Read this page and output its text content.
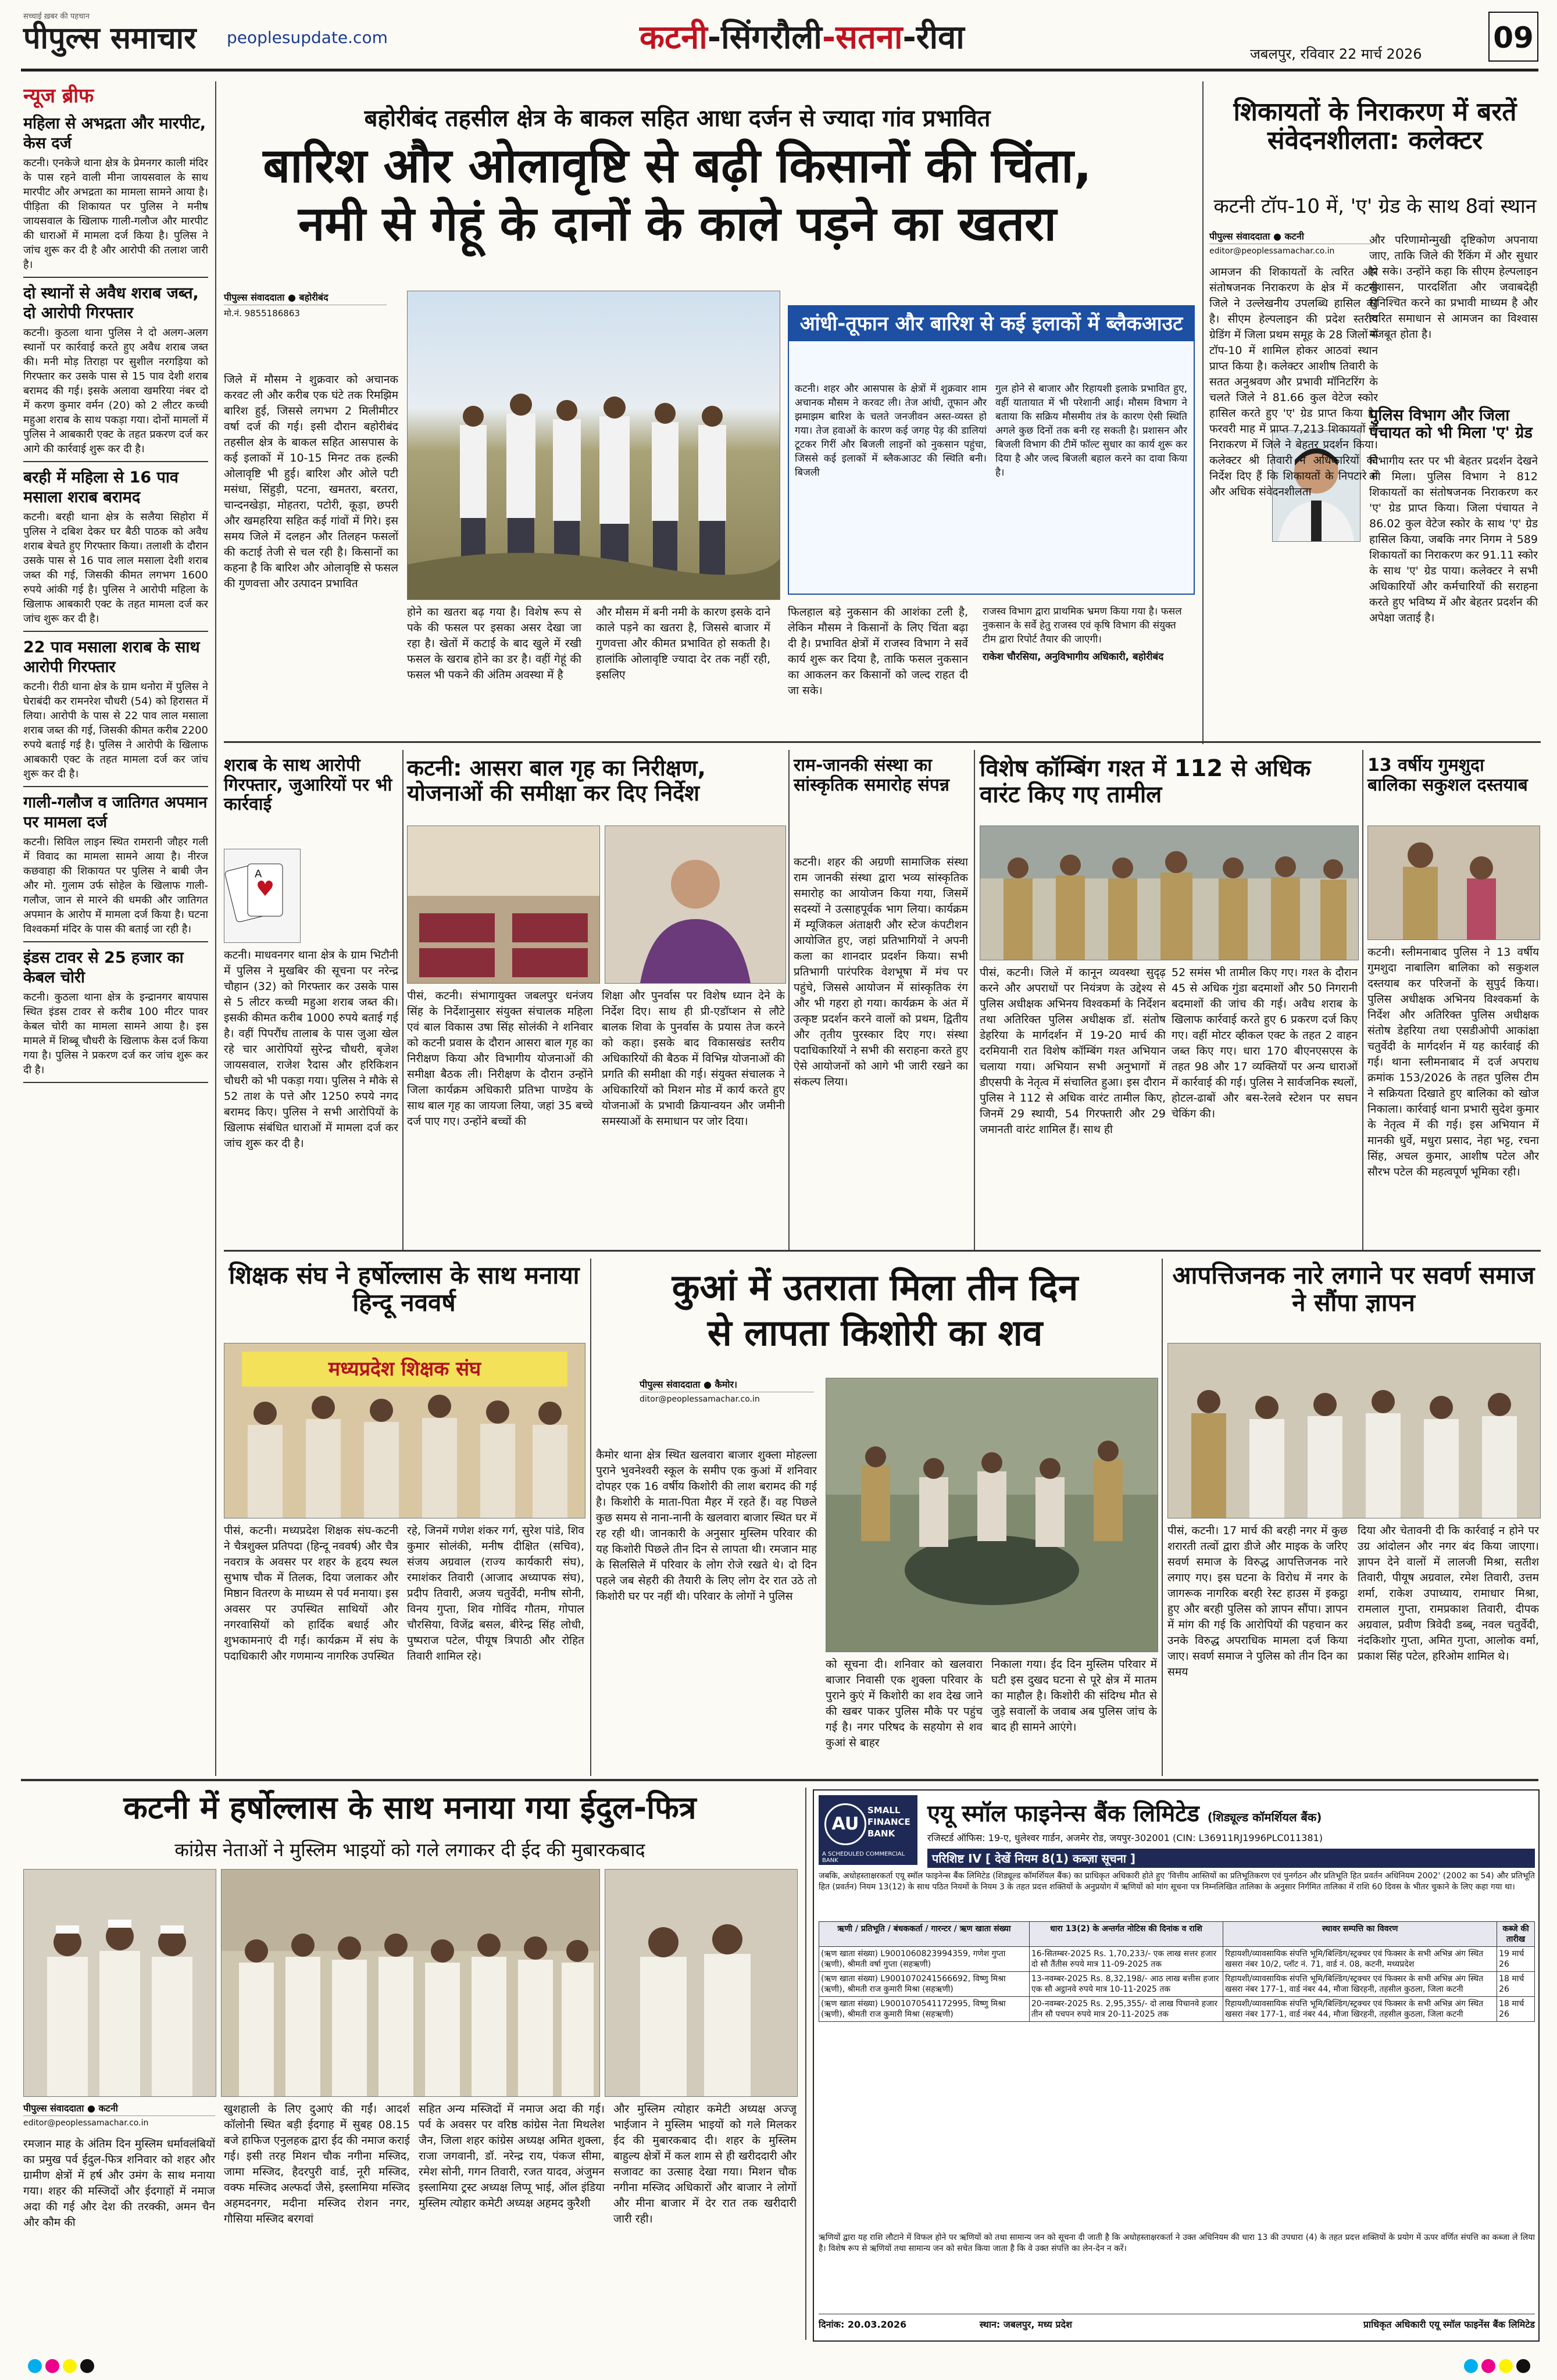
पीपुल्स समाचार
सच्चाई ख़बर की पहचान
peoplesupdate.com	कटनी-सिंगरौली-सतना-रीवा	जबलपुर, रविवार 22 मार्च 2026 09
न्यूज ब्रीफ
महिला से अभद्रता और मारपीट, केस दर्ज
कटनी। एनकेजे थाना क्षेत्र के प्रेमनगर काली मंदिर के पास रहने वाली मीना जायसवाल के साथ मारपीट और अभद्रता का मामला सामने आया है। पीड़िता की शिकायत पर पुलिस ने मनीष जायसवाल के खिलाफ गाली-गलौज और मारपीट की धाराओं में मामला दर्ज किया है। पुलिस ने जांच शुरू कर दी है और आरोपी की तलाश जारी है।
दो स्थानों से अवैध शराब जब्त, दो आरोपी गिरफ्तार
कटनी। कुठला थाना पुलिस ने दो अलग-अलग स्थानों पर कार्रवाई करते हुए अवैध शराब जब्त की। मनी मोड़ तिराहा पर सुशील नरगड़िया को गिरफ्तार कर उसके पास से 15 पाव देशी शराब बरामद की गई। इसके अलावा खमरिया नंबर दो में करण कुमार वर्मन (20) को 2 लीटर कच्ची महुआ शराब के साथ पकड़ा गया। दोनों मामलों में पुलिस ने आबकारी एक्ट के तहत प्रकरण दर्ज कर आगे की कार्रवाई शुरू कर दी है।
बरही में महिला से 16 पाव मसाला शराब बरामद
कटनी। बरही थाना क्षेत्र के सलैया सिहोरा में पुलिस ने दबिश देकर घर बैठी पाठक को अवैध शराब बेचते हुए गिरफ्तार किया। तलाशी के दौरान उसके पास से 16 पाव लाल मसाला देशी शराब जब्त की गई, जिसकी कीमत लगभग 1600 रुपये आंकी गई है। पुलिस ने आरोपी महिला के खिलाफ आबकारी एक्ट के तहत मामला दर्ज कर जांच शुरू कर दी है।
22 पाव मसाला शराब के साथ आरोपी गिरफ्तार
कटनी। रीठी थाना क्षेत्र के ग्राम थनोरा में पुलिस ने घेराबंदी कर रामनरेश चौधरी (54) को हिरासत में लिया। आरोपी के पास से 22 पाव लाल मसाला शराब जब्त की गई, जिसकी कीमत करीब 2200 रुपये बताई गई है। पुलिस ने आरोपी के खिलाफ आबकारी एक्ट के तहत मामला दर्ज कर जांच शुरू कर दी है।
गाली-गलौज व जातिगत अपमान पर मामला दर्ज
कटनी। सिविल लाइन स्थित रामरानी जौहर गली में विवाद का मामला सामने आया है। नीरज कछवाहा की शिकायत पर पुलिस ने बाबी जैन और मो. गुलाम उर्फ सोहेल के खिलाफ गाली-गलौज, जान से मारने की धमकी और जातिगत अपमान के आरोप में मामला दर्ज किया है। घटना विश्वकर्मा मंदिर के पास की बताई जा रही है।
इंडस टावर से 25 हजार का केबल चोरी
कटनी। कुठला थाना क्षेत्र के इन्द्रानगर बायपास स्थित इंडस टावर से करीब 100 मीटर पावर केबल चोरी का मामला सामने आया है। इस मामले में शिब्बू चौधरी के खिलाफ केस दर्ज किया गया है। पुलिस ने प्रकरण दर्ज कर जांच शुरू कर दी है।
बहोरीबंद तहसील क्षेत्र के बाकल सहित आधा दर्जन से ज्यादा गांव प्रभावित
बारिश और ओलावृष्टि से बढ़ी किसानों की चिंता,
नमी से गेहूं के दानों के काले पड़ने का खतरा
पीपुल्स संवाददाता ● बहोरीबंद
मो.नं. 9855186863
जिले में मौसम ने शुक्रवार को अचानक करवट ली और करीब एक घंटे तक रिमझिम बारिश हुई, जिससे लगभग 2 मिलीमीटर वर्षा दर्ज की गई। इसी दौरान बहोरीबंद तहसील क्षेत्र के बाकल सहित आसपास के कई इलाकों में 10-15 मिनट तक हल्की ओलावृष्टि भी हुई। बारिश और ओले पटी मसंधा, सिंहुड़ी, पटना, खमतरा, बरतरा, चान्दनखेड़ा, मोहतरा, पटोरी, कूड़ा, छपरी और खमहरिया सहित कई गांवों में गिरे। इस समय जिले में दलहन और तिलहन फसलों की कटाई तेजी से चल रही है। किसानों का कहना है कि बारिश और ओलावृष्टि से फसल की गुणवत्ता और उत्पादन प्रभावित
होने का खतरा बढ़ गया है। विशेष रूप से पके की फसल पर इसका असर देखा जा रहा है। खेतों में कटाई के बाद खुले में रखी फसल के खराब होने का डर है। वहीं गेहूं की फसल भी पकने की अंतिम अवस्था में है
और मौसम में बनी नमी के कारण इसके दाने काले पड़ने का खतरा है, जिससे बाजार में गुणवत्ता और कीमत प्रभावित हो सकती है। हालांकि ओलावृष्टि ज्यादा देर तक नहीं रही, इसलिए
आंधी-तूफान और बारिश से कई इलाकों में ब्लैकआउट
कटनी। शहर और आसपास के क्षेत्रों में शुक्रवार शाम अचानक मौसम ने करवट ली। तेज आंधी, तूफान और झमाझम बारिश के चलते जनजीवन अस्त-व्यस्त हो गया। तेज हवाओं के कारण कई जगह पेड़ की डालियां टूटकर गिरीं और बिजली लाइनों को नुकसान पहुंचा, जिससे कई इलाकों में ब्लैकआउट की स्थिति बनी। बिजली
गुल होने से बाजार और रिहायशी इलाके प्रभावित हुए, वहीं यातायात में भी परेशानी आई। मौसम विभाग ने बताया कि सक्रिय मौसमीय तंत्र के कारण ऐसी स्थिति अगले कुछ दिनों तक बनी रह सकती है। प्रशासन और बिजली विभाग की टीमें फॉल्ट सुधार का कार्य शुरू कर दिया है और जल्द बिजली बहाल करने का दावा किया है।
फिलहाल बड़े नुकसान की आशंका टली है, लेकिन मौसम ने किसानों के लिए चिंता बढ़ा दी है। प्रभावित क्षेत्रों में राजस्व विभाग ने सर्वे कार्य शुरू कर दिया है, ताकि फसल नुकसान का आकलन कर किसानों को जल्द राहत दी जा सके।
राजस्व विभाग द्वारा प्राथमिक भ्रमण किया गया है। फसल नुकसान के सर्वे हेतु राजस्व एवं कृषि विभाग की संयुक्त टीम द्वारा रिपोर्ट तैयार की जाएगी।
राकेश चौरसिया, अनुविभागीय अधिकारी, बहोरीबंद
शिकायतों के निराकरण में बरतें संवेदनशीलता: कलेक्टर
कटनी टॉप-10 में, 'ए' ग्रेड के साथ 8वां स्थान
पीपुल्स संवाददाता ● कटनी
editor@peoplessamachar.co.in
आमजन की शिकायतों के त्वरित और संतोषजनक निराकरण के क्षेत्र में कटनी जिले ने उल्लेखनीय उपलब्धि हासिल की है। सीएम हेल्पलाइन की प्रदेश स्तरीय ग्रेडिंग में जिला प्रथम समूह के 28 जिलों में टॉप-10 में शामिल होकर आठवां स्थान प्राप्त किया है। कलेक्टर आशीष तिवारी के सतत अनुश्रवण और प्रभावी मॉनिटरिंग के चलते जिले ने 81.66 कुल वेटेज स्कोर हासिल करते हुए 'ए' ग्रेड प्राप्त किया है। फरवरी माह में प्राप्त 7,213 शिकायतों के निराकरण में जिले ने बेहतर प्रदर्शन किया। कलेक्टर श्री तिवारी ने अधिकारियों को निर्देश दिए हैं कि शिकायतों के निपटारे में और अधिक संवेदनशीलता
और परिणामोन्मुखी दृष्टिकोण अपनाया जाए, ताकि जिले की रैंकिंग में और सुधार हो सके। उन्होंने कहा कि सीएम हेल्पलाइन सुशासन, पारदर्शिता और जवाबदेही सुनिश्चित करने का प्रभावी माध्यम है और त्वरित समाधान से आमजन का विश्वास मजबूत होता है।
पुलिस विभाग और जिला पंचायत को भी मिला 'ए' ग्रेड
विभागीय स्तर पर भी बेहतर प्रदर्शन देखने को मिला। पुलिस विभाग ने 812 शिकायतों का संतोषजनक निराकरण कर 'ए' ग्रेड प्राप्त किया। जिला पंचायत ने 86.02 कुल वेटेज स्कोर के साथ 'ए' ग्रेड हासिल किया, जबकि नगर निगम ने 589 शिकायतों का निराकरण कर 91.11 स्कोर के साथ 'ए' ग्रेड पाया। कलेक्टर ने सभी अधिकारियों और कर्मचारियों की सराहना करते हुए भविष्य में और बेहतर प्रदर्शन की अपेक्षा जताई है।
शराब के साथ आरोपी गिरफ्तार, जुआरियों पर भी कार्रवाई
♥
A
कटनी। माधवनगर थाना क्षेत्र के ग्राम भिटौनी में पुलिस ने मुखबिर की सूचना पर नरेन्द्र चौहान (32) को गिरफ्तार कर उसके पास से 5 लीटर कच्ची महुआ शराब जब्त की। इसकी कीमत करीब 1000 रुपये बताई गई है। वहीं पिपरौंध तालाब के पास जुआ खेल रहे चार आरोपियों सुरेन्द्र चौधरी, बृजेश जायसवाल, राजेश रैदास और हरिकिशन चौधरी को भी पकड़ा गया। पुलिस ने मौके से 52 ताश के पत्ते और 1250 रुपये नगद बरामद किए। पुलिस ने सभी आरोपियों के खिलाफ संबंधित धाराओं में मामला दर्ज कर जांच शुरू कर दी है।
कटनी: आसरा बाल गृह का निरीक्षण, योजनाओं की समीक्षा कर दिए निर्देश
पीसं, कटनी। संभागायुक्त जबलपुर धनंजय सिंह के निर्देशानुसार संयुक्त संचालक महिला एवं बाल विकास उषा सिंह सोलंकी ने शनिवार को कटनी प्रवास के दौरान आसरा बाल गृह का निरीक्षण किया और विभागीय योजनाओं की समीक्षा बैठक ली। निरीक्षण के दौरान उन्होंने जिला कार्यक्रम अधिकारी प्रतिभा पाण्डेय के साथ बाल गृह का जायजा लिया, जहां 35 बच्चे दर्ज पाए गए। उन्होंने बच्चों की
शिक्षा और पुनर्वास पर विशेष ध्यान देने के निर्देश दिए। साथ ही प्री-एडॉप्शन से लौटे बालक शिवा के पुनर्वास के प्रयास तेज करने को कहा। इसके बाद विकासखंड स्तरीय अधिकारियों की बैठक में विभिन्न योजनाओं की प्रगति की समीक्षा की गई। संयुक्त संचालक ने अधिकारियों को मिशन मोड में कार्य करते हुए योजनाओं के प्रभावी क्रियान्वयन और जमीनी समस्याओं के समाधान पर जोर दिया।
राम-जानकी संस्था का सांस्कृतिक समारोह संपन्न
कटनी। शहर की अग्रणी सामाजिक संस्था राम जानकी संस्था द्वारा भव्य सांस्कृतिक समारोह का आयोजन किया गया, जिसमें सदस्यों ने उत्साहपूर्वक भाग लिया। कार्यक्रम में म्यूजिकल अंताक्षरी और स्टेज कंपटीशन आयोजित हुए, जहां प्रतिभागियों ने अपनी कला का शानदार प्रदर्शन किया। सभी प्रतिभागी पारंपरिक वेशभूषा में मंच पर पहुंचे, जिससे आयोजन में सांस्कृतिक रंग और भी गहरा हो गया। कार्यक्रम के अंत में उत्कृष्ट प्रदर्शन करने वालों को प्रथम, द्वितीय और तृतीय पुरस्कार दिए गए। संस्था पदाधिकारियों ने सभी की सराहना करते हुए ऐसे आयोजनों को आगे भी जारी रखने का संकल्प लिया।
विशेष कॉम्बिंग गश्त में 112 से अधिक वारंट किए गए तामील
पीसं, कटनी। जिले में कानून व्यवस्था सुदृढ़ करने और अपराधों पर नियंत्रण के उद्देश्य से पुलिस अधीक्षक अभिनय विश्वकर्मा के निर्देशन तथा अतिरिक्त पुलिस अधीक्षक डॉ. संतोष डेहरिया के मार्गदर्शन में 19-20 मार्च की दरमियानी रात विशेष कॉम्बिंग गश्त अभियान चलाया गया। अभियान सभी अनुभागों में डीएसपी के नेतृत्व में संचालित हुआ। इस दौरान पुलिस ने 112 से अधिक वारंट तामील किए, जिनमें 29 स्थायी, 54 गिरफ्तारी और 29 जमानती वारंट शामिल हैं। साथ ही
52 समंस भी तामील किए गए। गश्त के दौरान 45 से अधिक गुंडा बदमाशों और 50 निगरानी बदमाशों की जांच की गई। अवैध शराब के खिलाफ कार्रवाई करते हुए 6 प्रकरण दर्ज किए गए। वहीं मोटर व्हीकल एक्ट के तहत 2 वाहन जब्त किए गए। धारा 170 बीएनएसएस के तहत 98 और 17 व्यक्तियों पर अन्य धाराओं में कार्रवाई की गई। पुलिस ने सार्वजनिक स्थलों, होटल-ढाबों और बस-रेलवे स्टेशन पर सघन चेकिंग की।
13 वर्षीय गुमशुदा बालिका सकुशल दस्तयाब
कटनी। स्लीमनाबाद पुलिस ने 13 वर्षीय गुमशुदा नाबालिग बालिका को सकुशल दस्तयाब कर परिजनों के सुपुर्द किया। पुलिस अधीक्षक अभिनय विश्वकर्मा के निर्देश और अतिरिक्त पुलिस अधीक्षक संतोष डेहरिया तथा एसडीओपी आकांक्षा चतुर्वेदी के मार्गदर्शन में यह कार्रवाई की गई। थाना स्लीमनाबाद में दर्ज अपराध क्रमांक 153/2026 के तहत पुलिस टीम ने सक्रियता दिखाते हुए बालिका को खोज निकाला। कार्रवाई थाना प्रभारी सुदेश कुमार के नेतृत्व में की गई। इस अभियान में मानकी धुर्वे, मधुरा प्रसाद, नेहा भट्ट, रचना सिंह, अचल कुमार, आशीष पटेल और सौरभ पटेल की महत्वपूर्ण भूमिका रही।
शिक्षक संघ ने हर्षोल्लास के साथ मनाया हिन्दू नववर्ष
मध्यप्रदेश शिक्षक संघ
पीसं, कटनी। मध्यप्रदेश शिक्षक संघ-कटनी ने चैत्रशुक्ल प्रतिपदा (हिन्दू नववर्ष) और चैत्र नवरात्र के अवसर पर शहर के हृदय स्थल सुभाष चौक में तिलक, दिया जलाकर और मिष्ठान वितरण के माध्यम से पर्व मनाया। इस अवसर पर उपस्थित साथियों और नगरवासियों को हार्दिक बधाई और शुभकामनाएं दी गईं। कार्यक्रम में संघ के पदाधिकारी और गणमान्य नागरिक उपस्थित
रहे, जिनमें गणेश शंकर गर्ग, सुरेश पांडे, शिव कुमार सोलंकी, मनीष दीक्षित (सचिव), संजय अग्रवाल (राज्य कार्यकारी संघ), रमाशंकर तिवारी (आजाद अध्यापक संघ), प्रदीप तिवारी, अजय चतुर्वेदी, मनीष सोनी, विनय गुप्ता, शिव गोविंद गौतम, गोपाल चौरसिया, विजेंद्र बसल, बीरेन्द्र सिंह लोधी, पुष्पराज पटेल, पीयूष त्रिपाठी और रोहित तिवारी शामिल रहे।
कुआं में उतराता मिला तीन दिन
से लापता किशोरी का शव
पीपुल्स संवाददाता ● कैमोर।
ditor@peoplessamachar.co.in
कैमोर थाना क्षेत्र स्थित खलवारा बाजार शुक्ला मोहल्ला पुराने भुवनेश्वरी स्कूल के समीप एक कुआं में शनिवार दोपहर एक 16 वर्षीय किशोरी की लाश बरामद की गई है। किशोरी के माता-पिता मैहर में रहते हैं। वह पिछले कुछ समय से नाना-नानी के खलवारा बाजार स्थित घर में रह रही थी। जानकारी के अनुसार मुस्लिम परिवार की यह किशोरी पिछले तीन दिन से लापता थी। रमजान माह के सिलसिले में परिवार के लोग रोजे रखते थे। दो दिन पहले जब सेहरी की तैयारी के लिए लोग देर रात उठे तो किशोरी घर पर नहीं थी। परिवार के लोगों ने पुलिस
को सूचना दी। शनिवार को खलवारा बाजार निवासी एक शुक्ला परिवार के पुराने कुएं में किशोरी का शव देख जाने की खबर पाकर पुलिस मौके पर पहुंच गई है। नगर परिषद के सहयोग से शव कुआं से बाहर
निकाला गया। ईद दिन मुस्लिम परिवार में घटी इस दुखद घटना से पूरे क्षेत्र में मातम का माहौल है। किशोरी की संदिग्ध मौत से जुड़े सवालों के जवाब अब पुलिस जांच के बाद ही सामने आएंगे।
आपत्तिजनक नारे लगाने पर सवर्ण समाज ने सौंपा ज्ञापन
पीसं, कटनी। 17 मार्च की बरही नगर में कुछ शरारती तत्वों द्वारा डीजे और माइक के जरिए सवर्ण समाज के विरुद्ध आपत्तिजनक नारे लगाए गए। इस घटना के विरोध में नगर के जागरूक नागरिक बरही रेस्ट हाउस में इकट्ठा हुए और बरही पुलिस को ज्ञापन सौंपा। ज्ञापन में मांग की गई कि आरोपियों की पहचान कर उनके विरुद्ध अपराधिक मामला दर्ज किया जाए। सवर्ण समाज ने पुलिस को तीन दिन का समय
दिया और चेतावनी दी कि कार्रवाई न होने पर उग्र आंदोलन और नगर बंद किया जाएगा। ज्ञापन देने वालों में लालजी मिश्रा, सतीश तिवारी, पीयूष अग्रवाल, रमेश तिवारी, उत्तम शर्मा, राकेश उपाध्याय, रामाधार मिश्रा, रामलाल गुप्ता, रामप्रकाश तिवारी, दीपक अग्रवाल, प्रवीण त्रिवेदी डब्ब्, नवल चतुर्वेदी, नंदकिशोर गुप्ता, अमित गुप्ता, आलोक वर्मा, प्रकाश सिंह पटेल, हरिओम शामिल थे।
कटनी में हर्षोल्लास के साथ मनाया गया ईदुल-फित्र
कांग्रेस नेताओं ने मुस्लिम भाइयों को गले लगाकर दी ईद की मुबारकबाद
पीपुल्स संवाददाता ● कटनी
editor@peoplessamachar.co.in
रमजान माह के अंतिम दिन मुस्लिम धर्मावलंबियों का प्रमुख पर्व ईदुल-फित्र शनिवार को शहर और ग्रामीण क्षेत्रों में हर्ष और उमंग के साथ मनाया गया। शहर की मस्जिदों और ईदगाहों में नमाज अदा की गई और देश की तरक्की, अमन चैन और कौम की
खुशहाली के लिए दुआएं की गईं। आदर्श कॉलोनी स्थित बड़ी ईदगाह में सुबह 08.15 बजे हाफिज एनुलहक द्वारा ईद की नमाज कराई गई। इसी तरह मिशन चौक नगीना मस्जिद, जामा मस्जिद, हैदरपुरी वार्ड, नूरी मस्जिद, वक्फ मस्जिद अल्फर्दा जैसे, इस्लामिया मस्जिद अहमदनगर, मदीना मस्जिद रोशन नगर, गौसिया मस्जिद बरगवां
सहित अन्य मस्जिदों में नमाज अदा की गई। पर्व के अवसर पर वरिष्ठ कांग्रेस नेता मिथलेश जैन, जिला शहर कांग्रेस अध्यक्ष अमित शुक्ला, राजा जगवानी, डॉ. नरेन्द्र राय, पंकज सीमा, रमेश सोनी, गगन तिवारी, रजत यादव, अंजुमन इस्लामिया ट्रस्ट अध्यक्ष लिप्पू भाई, ऑल इंडिया मुस्लिम त्योहार कमेटी अध्यक्ष अहमद कुरैशी
और मुस्लिम त्योहार कमेटी अध्यक्ष अज्जू भाईजान ने मुस्लिम भाइयों को गले मिलकर ईद की मुबारकबाद दी। शहर के मुस्लिम बाहुल्य क्षेत्रों में कल शाम से ही खरीददारी और सजावट का उत्साह देखा गया। मिशन चौक नगीना मस्जिद अधिकारों और बाजार ने लोगों और मीना बाजार में देर रात तक खरीदारी जारी रही।
AU
SMALL
FINANCE
BANK
A SCHEDULED COMMERCIAL BANK
एयू स्मॉल फाइनेन्स बैंक लिमिटेड (शिड्यूल्ड कॉमर्शियल बैंक)
रजिस्टर्ड ऑफिस: 19-ए, धुलेश्वर गार्डन, अजमेर रोड, जयपुर-302001 (CIN: L36911RJ1996PLC011381)
परिशिष्ट IV [ देखें नियम 8(1) कब्ज़ा सूचना ]
जबकि, अधोहस्ताक्षरकर्ता एयू स्मॉल फाइनेन्स बैंक लिमिटेड (शिड्यूल्ड कॉमर्शियल बैंक) का प्राधिकृत अधिकारी होते हुए 'वित्तीय आस्तियों का प्रतिभूतिकरण एवं पुनर्गठन और प्रतिभूति हित प्रवर्तन अधिनियम 2002' (2002 का 54) और प्रतिभूति हित (प्रवर्तन) नियम 13(12) के साथ पठित नियमों के नियम 3 के तहत प्रदत्त शक्तियों के अनुप्रयोग में ऋणियों को मांग सूचना पत्र निम्नलिखित तालिका के अनुसार निर्गमित तालिका में राशि 60 दिवस के भीतर चुकाने के लिए कहा गया था।
ऋणी / प्रतिभूति / बंधककर्ता / गारन्टर / ऋण खाता संख्या	धारा 13(2) के अन्तर्गत नोटिस की दिनांक व राशि	स्थावर सम्पत्ति का विवरण	कब्जे की तारीख
(ऋण खाता संख्या) L9001060823994359, गणेश गुप्ता (ऋणी), श्रीमती वर्षा गुप्ता (सहऋणी)	16-सितम्बर-2025 Rs. 1,70,233/- एक लाख सत्तर हजार दो सौ तैंतीस रुपये मात्र 11-09-2025 तक	रिहायशी/व्यावसायिक संपत्ति भूमि/बिल्डिंग/स्ट्रक्चर एवं फिक्सर के सभी अभिन्न अंग स्थित खसरा नंबर 10/2, प्लॉट नं. 71, वार्ड नं. 08, कटनी, मध्यप्रदेश	19 मार्च 26
(ऋण खाता संख्या) L9001070241566692, विष्णु मिश्रा (ऋणी), श्रीमती राज कुमारी मिश्रा (सहऋणी)	13-नवम्बर-2025 Rs. 8,32,198/- आठ लाख बत्तीस हजार एक सौ अट्ठानवे रुपये मात्र 10-11-2025 तक	रिहायशी/व्यावसायिक संपत्ति भूमि/बिल्डिंग/स्ट्रक्चर एवं फिक्सर के सभी अभिन्न अंग स्थित खसरा नंबर 177-1, वार्ड नंबर 44, मौजा खिरहनी, तहसील कुठला, जिला कटनी	18 मार्च 26
(ऋण खाता संख्या) L9001070541172995, विष्णु मिश्रा (ऋणी), श्रीमती राज कुमारी मिश्रा (सहऋणी)	20-नवम्बर-2025 Rs. 2,95,355/- दो लाख पिचानवे हजार तीन सौ पचपन रुपये मात्र 20-11-2025 तक	रिहायशी/व्यावसायिक संपत्ति भूमि/बिल्डिंग/स्ट्रक्चर एवं फिक्सर के सभी अभिन्न अंग स्थित खसरा नंबर 177-1, वार्ड नंबर 44, मौजा खिरहनी, तहसील कुठला, जिला कटनी	18 मार्च 26
ऋणियों द्वारा यह राशि लौटाने में विफल होने पर ऋणियों को तथा सामान्य जन को सूचना दी जाती है कि अधोहस्ताक्षरकर्ता ने उक्त अधिनियम की धारा 13 की उपधारा (4) के तहत प्रदत्त शक्तियों के प्रयोग में ऊपर वर्णित संपत्ति का कब्जा ले लिया है। विशेष रूप से ऋणियों तथा सामान्य जन को सचेत किया जाता है कि वे उक्त संपत्ति का लेन-देन न करें।
दिनांक: 20.03.2026	स्थान: जबलपुर, मध्य प्रदेश	प्राधिकृत अधिकारी एयू स्मॉल फाइनेंस बैंक लिमिटेड
